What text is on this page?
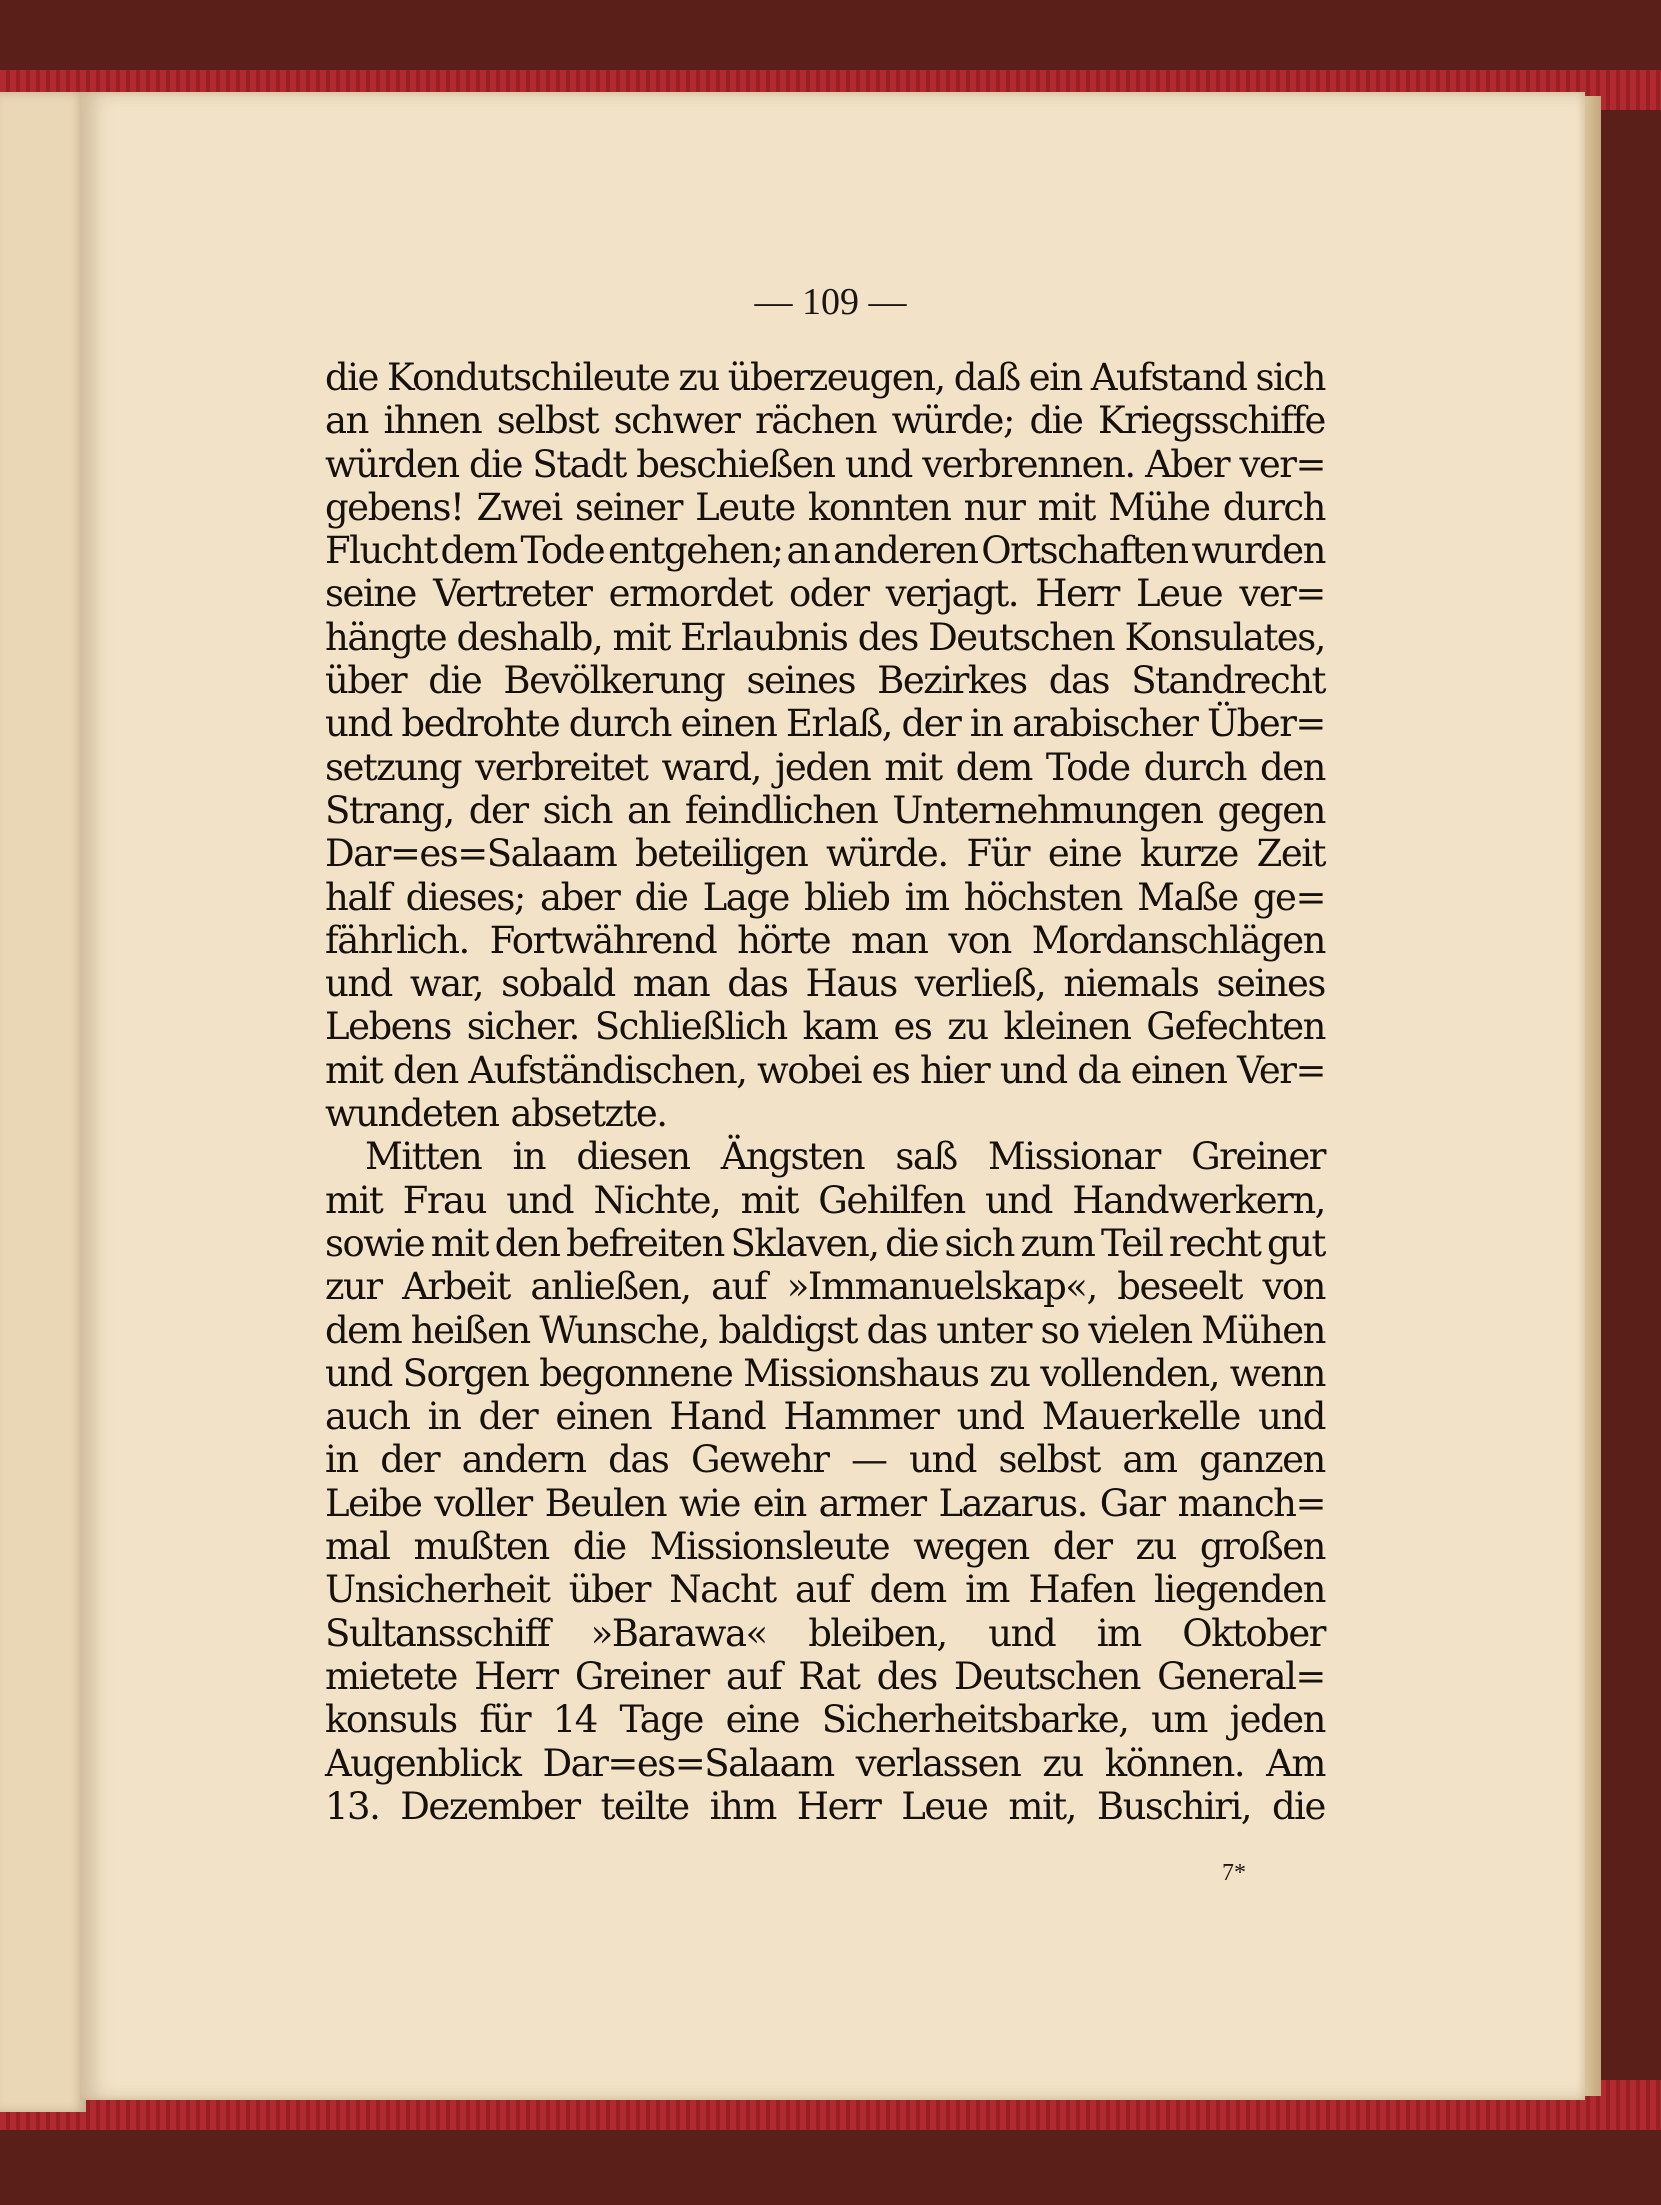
— 109 —
die Kondutschileute zu überzeugen, daß ein Aufstand sich
an ihnen selbst schwer rächen würde; die Kriegsschiffe
würden die Stadt beschießen und verbrennen. Aber ver=
gebens! Zwei seiner Leute konnten nur mit Mühe durch
Flucht dem Tode entgehen; an anderen Ortschaften wurden
seine Vertreter ermordet oder verjagt. Herr Leue ver=
hängte deshalb, mit Erlaubnis des Deutschen Konsulates,
über die Bevölkerung seines Bezirkes das Standrecht
und bedrohte durch einen Erlaß, der in arabischer Über=
setzung verbreitet ward, jeden mit dem Tode durch den
Strang, der sich an feindlichen Unternehmungen gegen
Dar=es=Salaam beteiligen würde. Für eine kurze Zeit
half dieses; aber die Lage blieb im höchsten Maße ge=
fährlich. Fortwährend hörte man von Mordanschlägen
und war, sobald man das Haus verließ, niemals seines
Lebens sicher. Schließlich kam es zu kleinen Gefechten
mit den Aufständischen, wobei es hier und da einen Ver=
wundeten absetzte.
Mitten in diesen Ängsten saß Missionar Greiner
mit Frau und Nichte, mit Gehilfen und Handwerkern,
sowie mit den befreiten Sklaven, die sich zum Teil recht gut
zur Arbeit anließen, auf »Immanuelskap«, beseelt von
dem heißen Wunsche, baldigst das unter so vielen Mühen
und Sorgen begonnene Missionshaus zu vollenden, wenn
auch in der einen Hand Hammer und Mauerkelle und
in der andern das Gewehr — und selbst am ganzen
Leibe voller Beulen wie ein armer Lazarus. Gar manch=
mal mußten die Missionsleute wegen der zu großen
Unsicherheit über Nacht auf dem im Hafen liegenden
Sultansschiff »Barawa« bleiben, und im Oktober
mietete Herr Greiner auf Rat des Deutschen General=
konsuls für 14 Tage eine Sicherheitsbarke, um jeden
Augenblick Dar=es=Salaam verlassen zu können. Am
13. Dezember teilte ihm Herr Leue mit, Buschiri, die
7*
